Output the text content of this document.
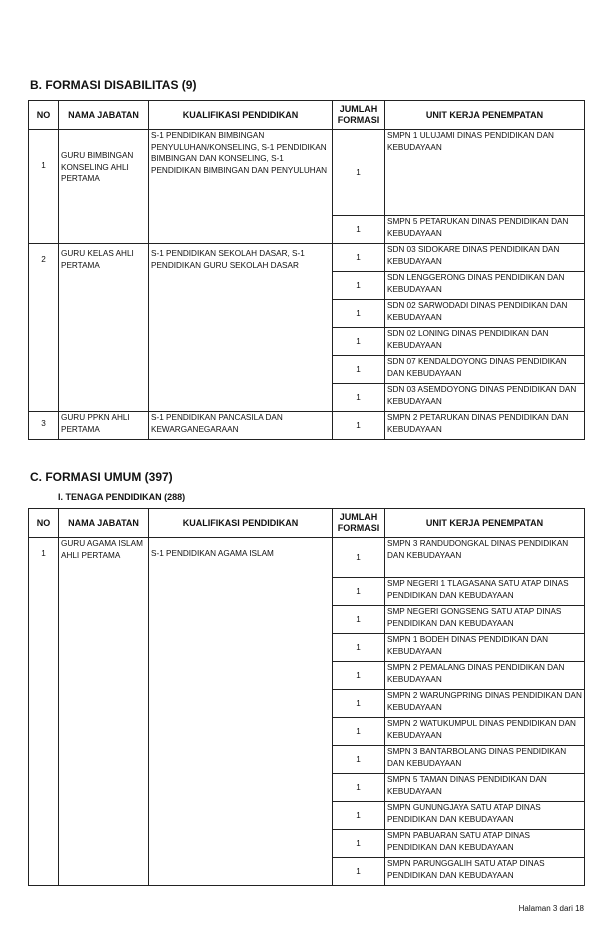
B. FORMASI DISABILITAS (9)
NO	NAMA JABATAN	KUALIFIKASI PENDIDIKAN	JUMLAH FORMASI	UNIT KERJA PENEMPATAN
1	GURU BIMBINGAN KONSELING AHLI PERTAMA	S-1 PENDIDIKAN BIMBINGAN PENYULUHAN/KONSELING, S-1 PENDIDIKAN BIMBINGAN DAN KONSELING, S-1 PENDIDIKAN BIMBINGAN DAN PENYULUHAN	1	SMPN 1 ULUJAMI DINAS PENDIDIKAN DAN KEBUDAYAAN
			1	SMPN 5 PETARUKAN DINAS PENDIDIKAN DAN KEBUDAYAAN
2	GURU KELAS AHLI PERTAMA	S-1 PENDIDIKAN SEKOLAH DASAR, S-1 PENDIDIKAN GURU SEKOLAH DASAR	1	SDN 03 SIDOKARE DINAS PENDIDIKAN DAN KEBUDAYAAN
			1	SDN LENGGERONG DINAS PENDIDIKAN DAN KEBUDAYAAN
			1	SDN 02 SARWODADI DINAS PENDIDIKAN DAN KEBUDAYAAN
			1	SDN 02 LONING DINAS PENDIDIKAN DAN KEBUDAYAAN
			1	SDN 07 KENDALDOYONG DINAS PENDIDIKAN DAN KEBUDAYAAN
			1	SDN 03 ASEMDOYONG DINAS PENDIDIKAN DAN KEBUDAYAAN
3	GURU PPKN AHLI PERTAMA	S-1 PENDIDIKAN PANCASILA DAN KEWARGANEGARAAN	1	SMPN 2 PETARUKAN DINAS PENDIDIKAN DAN KEBUDAYAAN
C. FORMASI UMUM (397)
I. TENAGA PENDIDIKAN (288)
NO	NAMA JABATAN	KUALIFIKASI PENDIDIKAN	JUMLAH FORMASI	UNIT KERJA PENEMPATAN
1	GURU AGAMA ISLAM AHLI PERTAMA	S-1 PENDIDIKAN AGAMA ISLAM	1	SMPN 3 RANDUDONGKAL DINAS PENDIDIKAN DAN KEBUDAYAAN
			1	SMP NEGERI 1 TLAGASANA SATU ATAP DINAS PENDIDIKAN DAN KEBUDAYAAN
			1	SMP NEGERI GONGSENG SATU ATAP DINAS PENDIDIKAN DAN KEBUDAYAAN
			1	SMPN 1 BODEH DINAS PENDIDIKAN DAN KEBUDAYAAN
			1	SMPN 2 PEMALANG DINAS PENDIDIKAN DAN KEBUDAYAAN
			1	SMPN 2 WARUNGPRING DINAS PENDIDIKAN DAN KEBUDAYAAN
			1	SMPN 2 WATUKUMPUL DINAS PENDIDIKAN DAN KEBUDAYAAN
			1	SMPN 3 BANTARBOLANG DINAS PENDIDIKAN DAN KEBUDAYAAN
			1	SMPN 5 TAMAN DINAS PENDIDIKAN DAN KEBUDAYAAN
			1	SMPN GUNUNGJAYA SATU ATAP DINAS PENDIDIKAN DAN KEBUDAYAAN
			1	SMPN PABUARAN SATU ATAP DINAS PENDIDIKAN DAN KEBUDAYAAN
			1	SMPN PARUNGGALIH SATU ATAP DINAS PENDIDIKAN DAN KEBUDAYAAN
Halaman 3 dari 18
